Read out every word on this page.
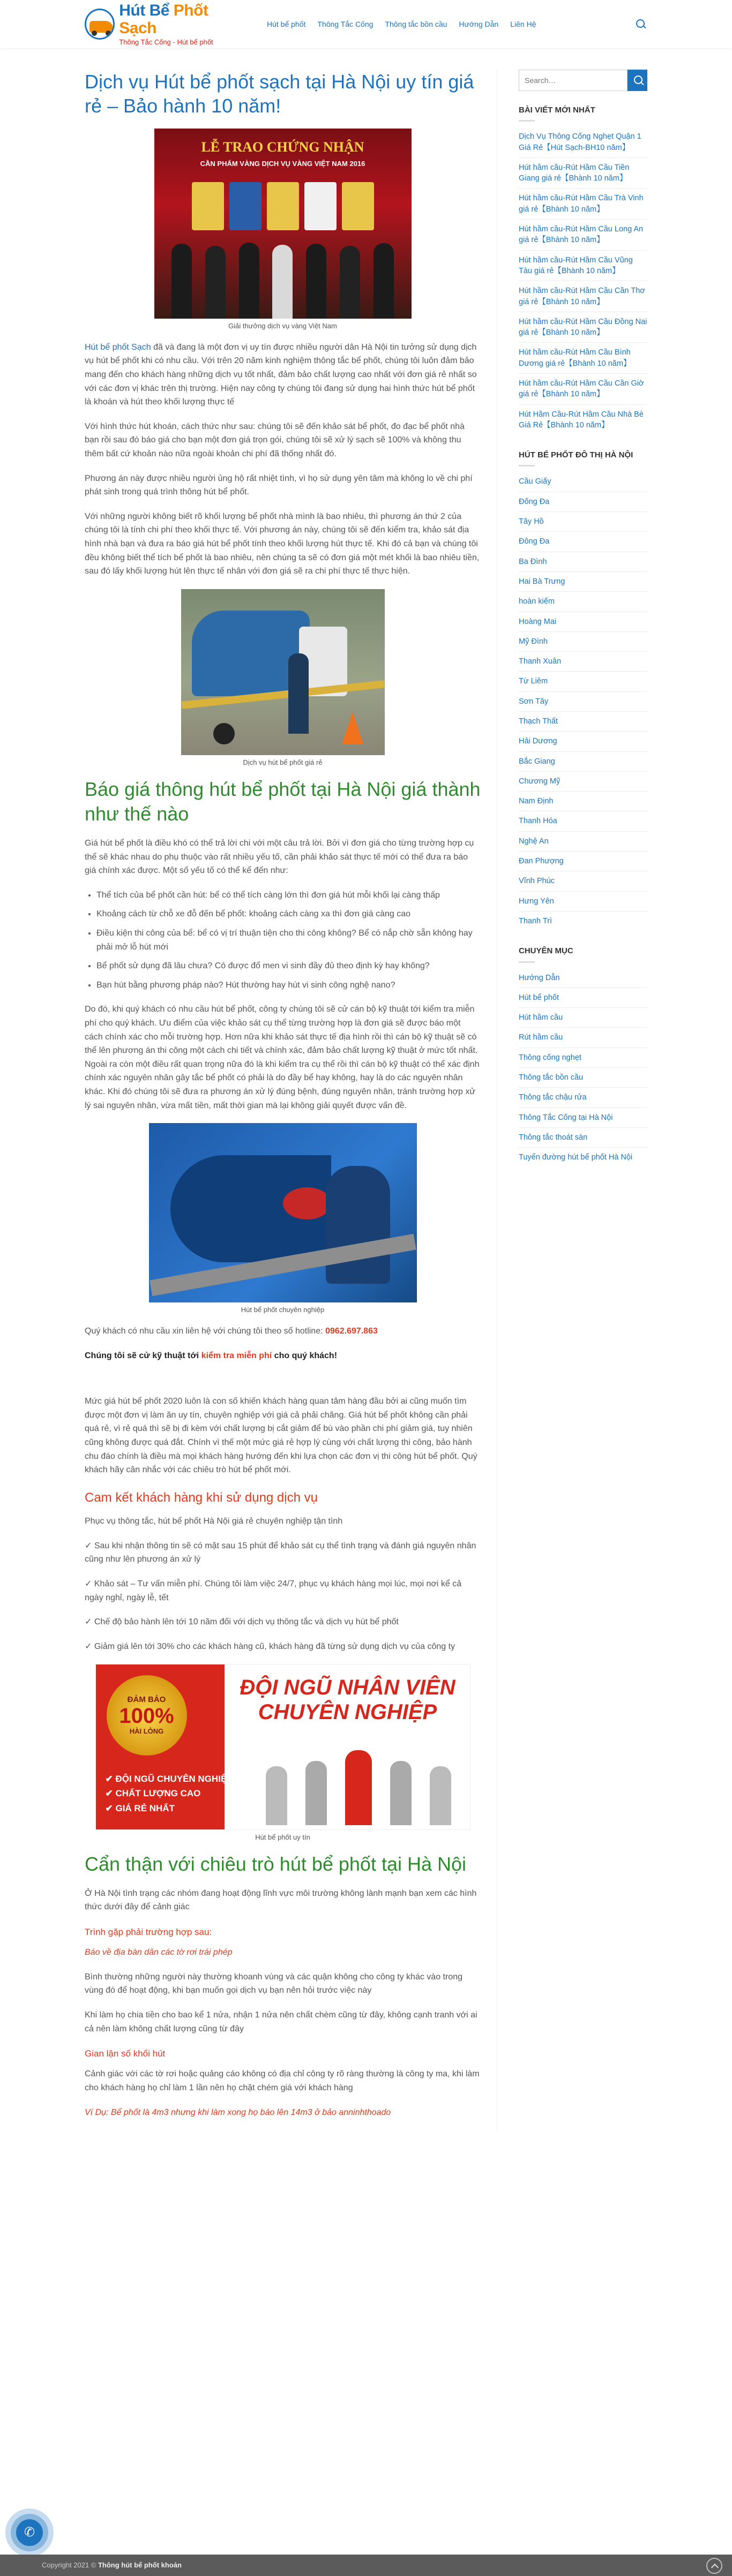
Hút Bể Phốt Sạch
Thông Tắc Cống - Hút bể phốt
Hút bể phốt Thông Tắc Cống Thông tắc bồn cầu Hướng Dẫn Liên Hệ
Dịch vụ Hút bể phốt sạch tại Hà Nội uy tín giá rẻ – Bảo hành 10 năm!
LỄ TRAO CHỨNG NHẬN
CẦN PHẨM VÀNG DỊCH VỤ VÀNG VIỆT NAM 2016
Giải thưởng dịch vụ vàng Việt Nam

Hút bể phốt Sạch đã và đang là một đơn vị uy tín được nhiều người dân Hà Nội tin tưởng sử dụng dịch vụ hút bể phốt khi có nhu cầu. Với trên 20 năm kinh nghiệm thông tắc bể phốt, chúng tôi luôn đảm bảo mang đến cho khách hàng những dịch vụ tốt nhất, đảm bảo chất lượng cao nhất với đơn giá rẻ nhất so với các đơn vị khác trên thị trường. Hiện nay công ty chúng tôi đang sử dụng hai hình thức hút bể phốt là khoán và hút theo khối lượng thực tế

Với hình thức hút khoán, cách thức như sau: chúng tôi sẽ đến khảo sát bể phốt, đo đạc bể phốt nhà bạn rồi sau đó báo giá cho bạn một đơn giá trọn gói, chúng tôi sẽ xử lý sạch sẽ 100% và không thu thêm bất cứ khoản nào nữa ngoài khoản chi phí đã thống nhất đó.

Phương án này được nhiều người ủng hộ rất nhiệt tình, vì họ sử dụng yên tâm mà không lo về chi phí phát sinh trong quá trình thông hút bể phốt.

Với những người không biết rõ khối lượng bể phốt nhà mình là bao nhiêu, thì phương án thứ 2 của chúng tôi là tính chi phí theo khối thực tế. Với phương án này, chúng tôi sẽ đến kiểm tra, khảo sát địa hình nhà bạn và đưa ra báo giá hút bể phốt tính theo khối lượng hút thực tế. Khi đó cả bạn và chúng tôi đều không biết thể tích bể phốt là bao nhiêu, nên chúng ta sẽ có đơn giá một mét khối là bao nhiêu tiền, sau đó lấy khối lượng hút lên thực tế nhân với đơn giá sẽ ra chi phí thực tế thực hiện.

Dịch vụ hút bể phốt giá rẻ
Báo giá thông hút bể phốt tại Hà Nội giá thành như thế nào

Giá hút bể phốt là điều khó có thể trả lời chi với một câu trả lời. Bởi vì đơn giá cho từng trường hợp cụ thể sẽ khác nhau do phụ thuộc vào rất nhiều yếu tố, cần phải khảo sát thực tế mới có thể đưa ra báo giá chính xác được. Một số yếu tố có thể kể đến như:

• Thể tích của bể phốt cần hút: bể có thể tích càng lớn thì đơn giá hút mỗi khối lại càng thấp
• Khoảng cách từ chỗ xe đỗ đến bể phốt: khoảng cách càng xa thì đơn giá càng cao
• Điều kiện thi công của bể: bể có vị trí thuận tiện cho thi công không? Bể có nắp chờ sẵn không hay phải mở lỗ hút mới
• Bể phốt sử dụng đã lâu chưa? Có được đổ men vi sinh đầy đủ theo định kỳ hay không?
• Bạn hút bằng phương pháp nào? Hút thường hay hút vi sinh công nghệ nano?

Do đó, khi quý khách có nhu cầu hút bể phốt, công ty chúng tôi sẽ cử cán bộ kỹ thuật tới kiểm tra miễn phí cho quý khách. Ưu điểm của việc khảo sát cụ thể từng trường hợp là đơn giá sẽ được báo một cách chính xác cho mỗi trường hợp. Hơn nữa khi khảo sát thực tế địa hình rồi thì cán bộ kỹ thuật sẽ có thể lên phương án thi công một cách chi tiết và chính xác, đảm bảo chất lượng kỹ thuật ở mức tốt nhất. Ngoài ra còn một điều rất quan trọng nữa đó là khi kiểm tra cụ thể rồi thì cán bộ kỹ thuật có thể xác định chính xác nguyên nhân gây tắc bể phốt có phải là do đầy bể hay không, hay là do các nguyên nhân khác. Khi đó chúng tôi sẽ đưa ra phương án xử lý đúng bệnh, đúng nguyên nhân, tránh trường hợp xử lý sai nguyên nhân, vừa mất tiền, mất thời gian mà lại không giải quyết được vấn đề.

Hút bể phốt chuyên nghiệp

Quý khách có nhu cầu xin liên hệ với chúng tôi theo số hotline: 0962.697.863

Chúng tôi sẽ cử kỹ thuật tới kiểm tra miễn phí cho quý khách!

Mức giá hút bể phốt 2020 luôn là con số khiến khách hàng quan tâm hàng đầu bởi ai cũng muốn tìm được một đơn vị làm ăn uy tín, chuyên nghiệp với giá cả phải chăng. Giá hút bể phốt không cần phải quá rẻ, vì rẻ quá thì sẽ bị đi kèm với chất lượng bị cắt giảm để bù vào phần chi phí giảm giá, tuy nhiên cũng không được quá đắt. Chính vì thế một mức giá rẻ hợp lý cùng với chất lượng thi công, bảo hành chu đáo chính là điều mà mọi khách hàng hướng đến khi lựa chọn các đơn vị thi công hút bể phốt. Quý khách hãy cân nhắc với các chiêu trò hút bể phốt mới.

Cam kết khách hàng khi sử dụng dịch vụ

Phục vụ thông tắc, hút bể phốt Hà Nội giá rẻ chuyên nghiệp tận tình

✓ Sau khi nhận thông tin sẽ có mặt sau 15 phút để khảo sát cụ thể tình trạng và đánh giá nguyên nhân cũng như lên phương án xử lý

✓ Khảo sát – Tư vấn miễn phí. Chúng tôi làm việc 24/7, phục vụ khách hàng mọi lúc, mọi nơi kể cả ngày nghỉ, ngày lễ, tết

✓ Chế độ bảo hành lên tới 10 năm đối với dịch vụ thông tắc và dịch vụ hút bể phốt

✓ Giảm giá lên tới 30% cho các khách hàng cũ, khách hàng đã từng sử dụng dịch vụ của công ty

ĐẢM BẢO
100%
HÀI LÒNG
✔ ĐỘI NGŨ CHUYÊN NGHIỆP
✔ CHẤT LƯỢNG CAO
✔ GIÁ RẺ NHẤT
ĐỘI NGŨ NHÂN VIÊN
CHUYÊN NGHIỆP
Hút bể phốt uy tín
Cẩn thận với chiêu trò hút bể phốt tại Hà Nội

Ở Hà Nội tình trạng các nhóm đang hoạt động lĩnh vực môi trường không lành mạnh bạn xem các hình thức dưới đây để cảnh giác

Trình gặp phải trường hợp sau:

Báo về địa bàn dân các tờ rơi trái phép

Bình thường những người này thường khoanh vùng và các quận không cho công ty khác vào trong vùng đó để hoạt động, khi bạn muốn gọi dịch vụ bạn nên hỏi trước việc này

Khi làm họ chia tiền cho bao kể 1 nửa, nhận 1 nửa nên chất chèm cũng từ đây, không cạnh tranh với ai cả nên làm không chất lượng cũng từ đây

Gian lận số khối hút

Cảnh giác với các tờ rơi hoặc quảng cáo không có địa chỉ công ty rõ ràng thường là công ty ma, khi làm cho khách hàng họ chỉ làm 1 lần nên họ chặt chém giá với khách hàng

Ví Dụ: Bể phốt là 4m3 nhưng khi làm xong họ báo lên 14m3 ở bảo anninhthoado

Search…
BÀI VIẾT MỚI NHẤT
Dịch Vụ Thông Cống Nghẹt Quận 1 Giá Rẻ【Hút Sạch-BH10 năm】
Hút hầm cầu-Rút Hầm Cầu Tiền Giang giá rẻ【Bhành 10 năm】
Hút hầm cầu-Rút Hầm Cầu Trà Vinh giá rẻ【Bhành 10 năm】
Hút hầm cầu-Rút Hầm Cầu Long An giá rẻ【Bhành 10 năm】
Hút hầm cầu-Rút Hầm Cầu Vũng Tàu giá rẻ【Bhành 10 năm】
Hút hầm cầu-Rút Hầm Cầu Cần Thơ giá rẻ【Bhành 10 năm】
Hút hầm cầu-Rút Hầm Cầu Đồng Nai giá rẻ【Bhành 10 năm】
Hút hầm cầu-Rút Hầm Cầu Bình Dương giá rẻ【Bhành 10 năm】
Hút hầm cầu-Rút Hầm Cầu Cần Giờ giá rẻ【Bhành 10 năm】
Hút Hầm Cầu-Rút Hầm Cầu Nhà Bè Giá Rẻ【Bhành 10 năm】
HÚT BỂ PHỐT ĐÔ THỊ HÀ NỘI
Cầu Giấy
Đống Đa
Tây Hồ
Đông Đa
Ba Đình
Hai Bà Trưng
hoàn kiếm
Hoàng Mai
Mỹ Đình
Thanh Xuân
Từ Liêm
Sơn Tây
Thạch Thất
Hải Dương
Bắc Giang
Chương Mỹ
Nam Định
Thanh Hóa
Nghệ An
Đan Phượng
Vĩnh Phúc
Hưng Yên
Thanh Trì
CHUYÊN MỤC
Hướng Dẫn
Hút bể phốt
Hút hầm cầu
Rút hầm cầu
Thông cống nghẹt
Thông tắc bồn cầu
Thông tắc chậu rửa
Thông Tắc Cống tại Hà Nội
Thông tắc thoát sàn
Tuyển đường hút bể phốt Hà Nội
✆
Copyright 2021 © Thông hút bể phốt khoản
